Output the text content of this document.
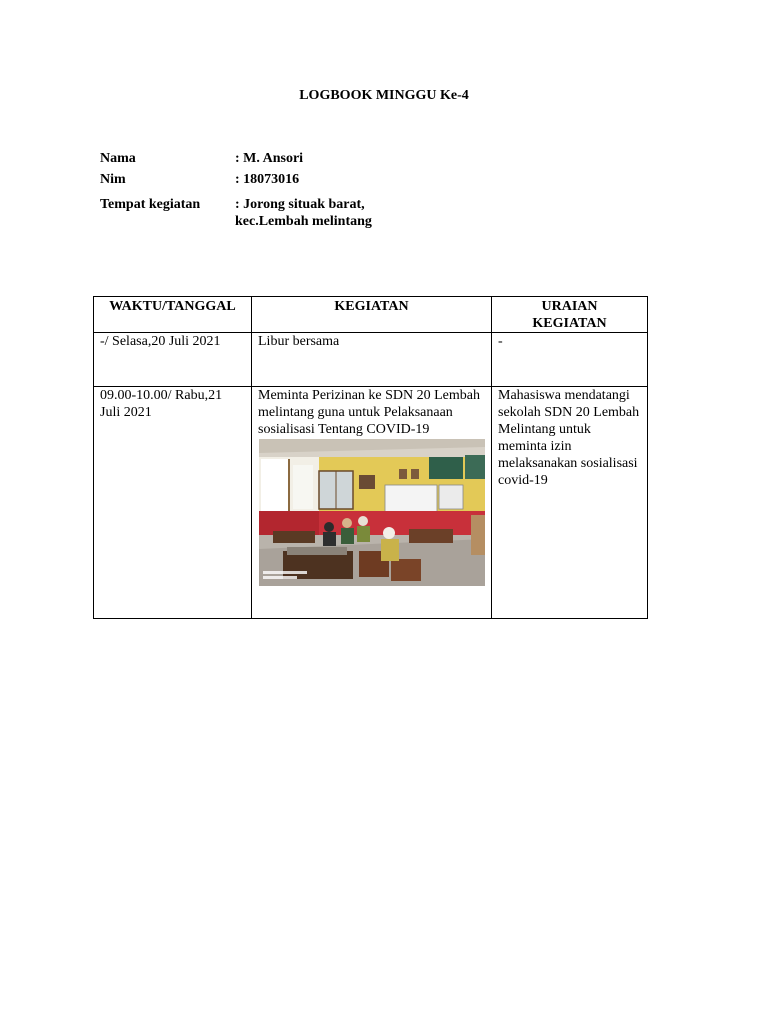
LOGBOOK MINGGU Ke-4
Nama	: M. Ansori
Nim	: 18073016
Tempat kegiatan : Jorong situak barat,
kec.Lembah melintang
WAKTU/TANGGAL	KEGIATAN	URAIAN KEGIATAN
-/ Selasa,20 Juli 2021	Libur bersama	-
09.00-10.00/ Rabu,21 Juli 2021	Meminta Perizinan ke SDN 20 Lembah melintang guna untuk Pelaksanaan sosialisasi Tentang COVID-19	Mahasiswa mendatangi sekolah SDN 20 Lembah Melintang untuk meminta izin melaksanakan sosialisasi covid-19
